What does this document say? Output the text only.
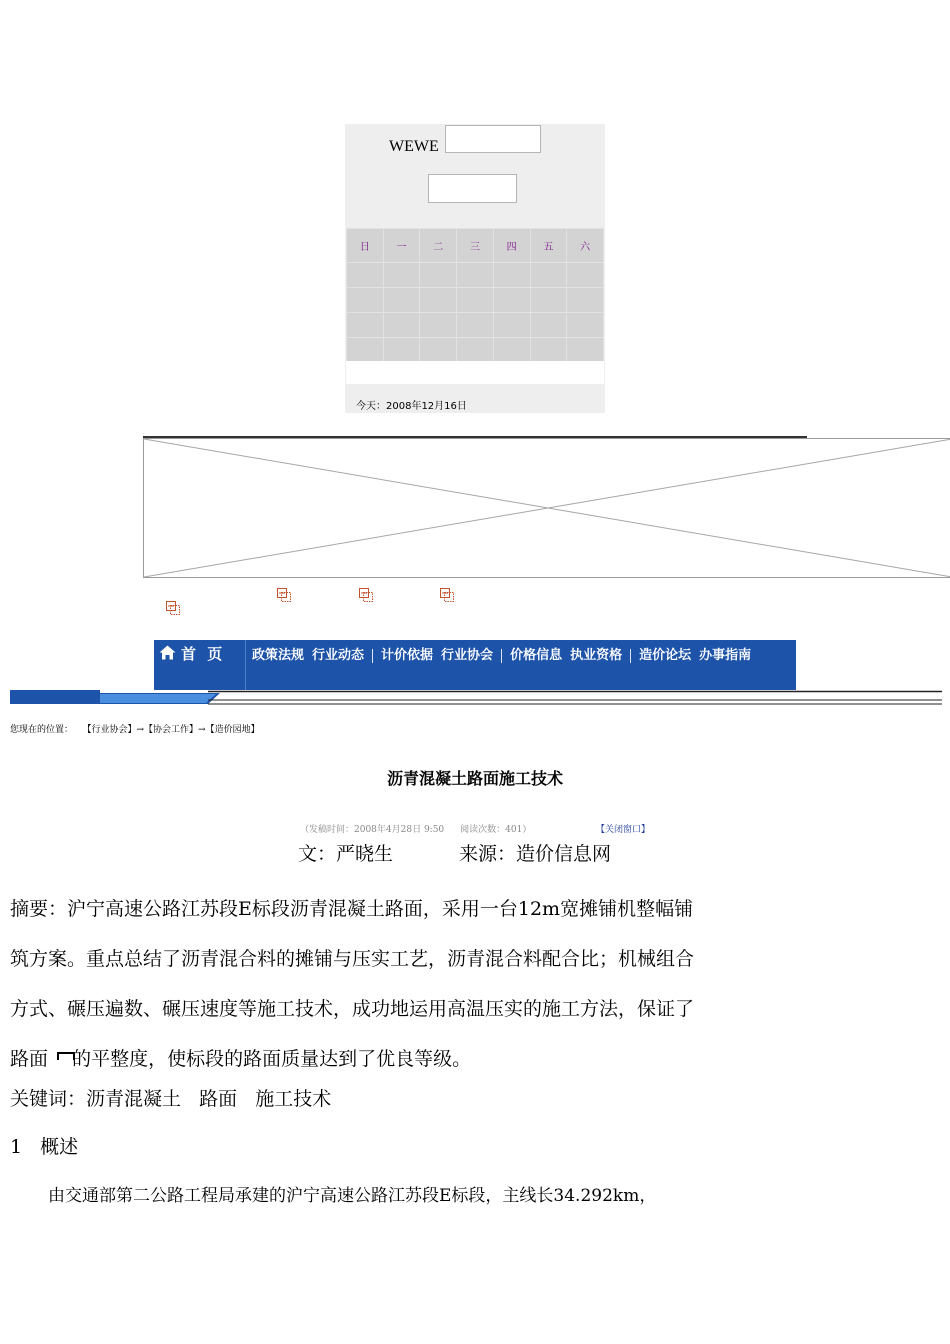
WEWE
日	一	二	三	四	五	六

今天：2008年12月16日
首 页 政策法规 行业动态 计价依据 行业协会 价格信息 执业资格 造价论坛 办事指南
您现在的位置： 【行业协会】→【协会工作】→【造价园地】
沥青混凝土路面施工技术
（发稿时间：2008年4月28日 9:50 阅读次数：401）	【关闭窗口】
文：严晓生	来源：造价信息网
摘要：沪宁高速公路江苏段E标段沥青混凝土路面，采用一台12m宽摊铺机整幅铺
筑方案。重点总结了沥青混合料的摊铺与压实工艺，沥青混合料配合比；机械组合
方式、碾压遍数、碾压速度等施工技术，成功地运用高温压实的施工方法，保证了
路面    的平整度，使标段的路面质量达到了优良等级。
关键词：沥青混凝土   路面   施工技术
1 概述
由交通部第二公路工程局承建的沪宁高速公路江苏段E标段，主线长34.292km，
